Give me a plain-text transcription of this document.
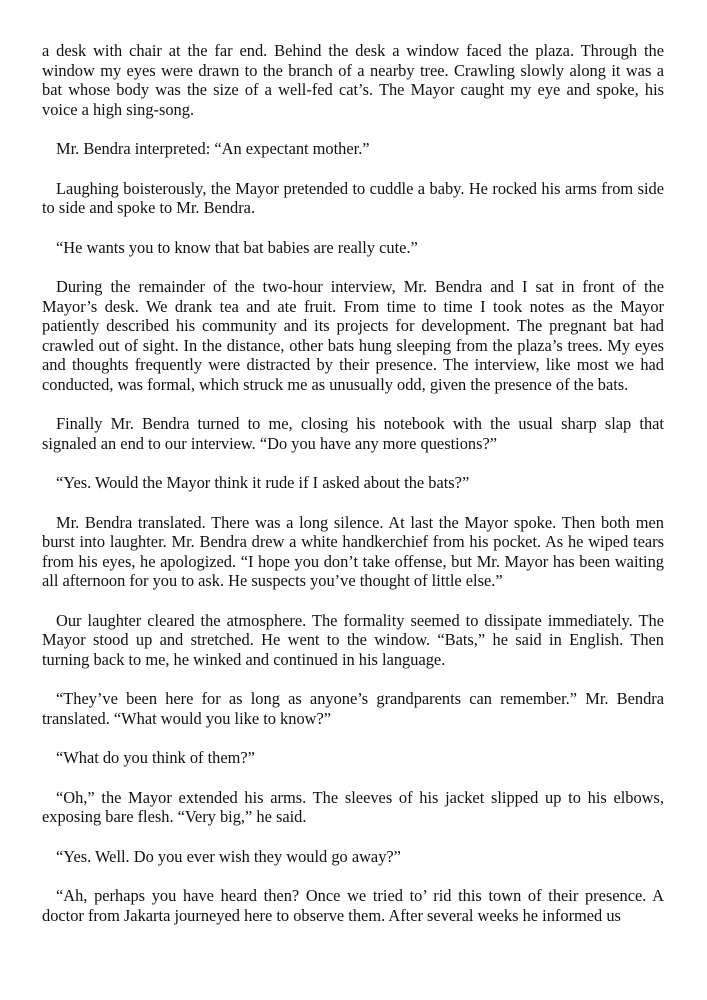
a desk with chair at the far end. Behind the desk a window faced the plaza. Through the window my eyes were drawn to the branch of a nearby tree. Crawling slowly along it was a bat whose body was the size of a well-fed cat’s. The Mayor caught my eye and spoke, his voice a high sing-song.

Mr. Bendra interpreted: “An expectant mother.”

Laughing boisterously, the Mayor pretended to cuddle a baby. He rocked his arms from side to side and spoke to Mr. Bendra.

“He wants you to know that bat babies are really cute.”

During the remainder of the two-hour interview, Mr. Bendra and I sat in front of the Mayor’s desk. We drank tea and ate fruit. From time to time I took notes as the Mayor patiently described his community and its projects for development. The pregnant bat had crawled out of sight. In the distance, other bats hung sleeping from the plaza’s trees. My eyes and thoughts frequently were distracted by their presence. The interview, like most we had conducted, was formal, which struck me as unusually odd, given the presence of the bats.

Finally Mr. Bendra turned to me, closing his notebook with the usual sharp slap that signaled an end to our interview. “Do you have any more questions?”

“Yes. Would the Mayor think it rude if I asked about the bats?”

Mr. Bendra translated. There was a long silence. At last the Mayor spoke. Then both men burst into laughter. Mr. Bendra drew a white handkerchief from his pocket. As he wiped tears from his eyes, he apologized. “I hope you don’t take offense, but Mr. Mayor has been waiting all afternoon for you to ask. He suspects you’ve thought of little else.”

Our laughter cleared the atmosphere. The formality seemed to dissipate immediately. The Mayor stood up and stretched. He went to the window. “Bats,” he said in English. Then turning back to me, he winked and continued in his language.

“They’ve been here for as long as anyone’s grandparents can remember.” Mr. Bendra translated. “What would you like to know?”

“What do you think of them?”

“Oh,” the Mayor extended his arms. The sleeves of his jacket slipped up to his elbows, exposing bare flesh. “Very big,” he said.

“Yes. Well. Do you ever wish they would go away?”

“Ah, perhaps you have heard then? Once we tried to’ rid this town of their presence. A doctor from Jakarta journeyed here to observe them. After several weeks he informed us
